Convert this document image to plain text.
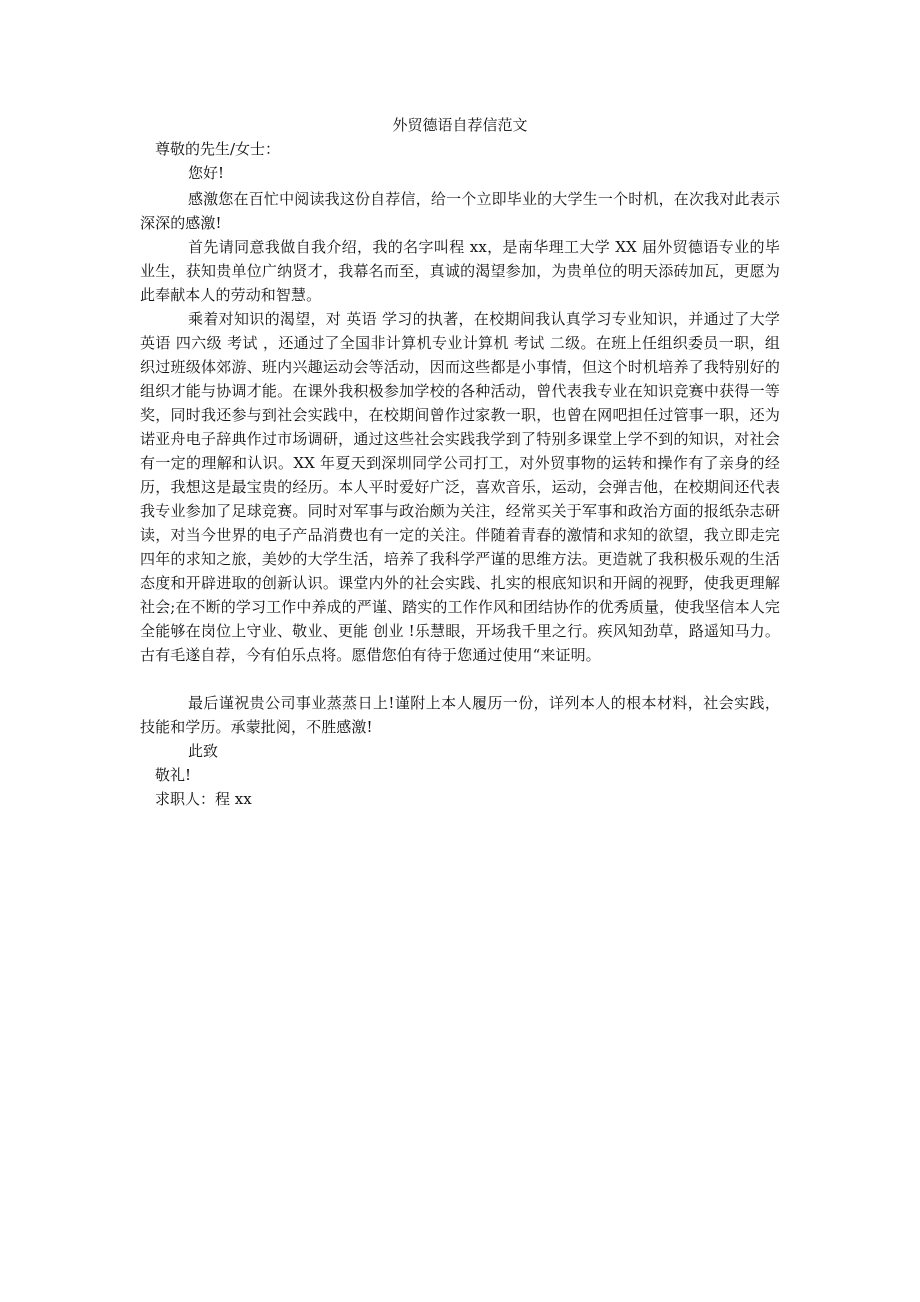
外贸德语自荐信范文

尊敬的先生/女士：

您好!

感激您在百忙中阅读我这份自荐信，给一个立即毕业的大学生一个时机，在次我对此表示深深的感激!

首先请同意我做自我介绍，我的名字叫程 xx，是南华理工大学 XX 届外贸德语专业的毕业生，获知贵单位广纳贤才，我幕名而至，真诚的渴望参加，为贵单位的明天添砖加瓦，更愿为此奉献本人的劳动和智慧。

乘着对知识的渴望，对 英语 学习的执著，在校期间我认真学习专业知识，并通过了大学 英语 四六级 考试 ，还通过了全国非计算机专业计算机 考试 二级。在班上任组织委员一职，组织过班级体郊游、班内兴趣运动会等活动，因而这些都是小事情，但这个时机培养了我特别好的组织才能与协调才能。在课外我积极参加学校的各种活动，曾代表我专业在知识竞赛中获得一等奖，同时我还参与到社会实践中，在校期间曾作过家教一职，也曾在网吧担任过管事一职，还为诺亚舟电子辞典作过市场调研，通过这些社会实践我学到了特别多课堂上学不到的知识，对社会有一定的理解和认识。XX 年夏天到深圳同学公司打工，对外贸事物的运转和操作有了亲身的经历，我想这是最宝贵的经历。本人平时爱好广泛，喜欢音乐，运动，会弹吉他，在校期间还代表我专业参加了足球竞赛。同时对军事与政治颇为关注，经常买关于军事和政治方面的报纸杂志研读，对当今世界的电子产品消费也有一定的关注。伴随着青春的激情和求知的欲望，我立即走完四年的求知之旅，美妙的大学生活，培养了我科学严谨的思维方法。更造就了我积极乐观的生活态度和开辟进取的创新认识。课堂内外的社会实践、扎实的根底知识和开阔的视野，使我更理解社会;在不断的学习工作中养成的严谨、踏实的工作作风和团结协作的优秀质量，使我坚信本人完全能够在岗位上守业、敬业、更能 创业 !乐慧眼，开场我千里之行。疾风知劲草，路遥知马力。古有毛遂自荐，今有伯乐点将。愿借您伯有待于您通过使用“来证明。

最后谨祝贵公司事业蒸蒸日上!谨附上本人履历一份，详列本人的根本材料，社会实践，技能和学历。承蒙批阅，不胜感激!

此致

敬礼!

求职人：程 xx
